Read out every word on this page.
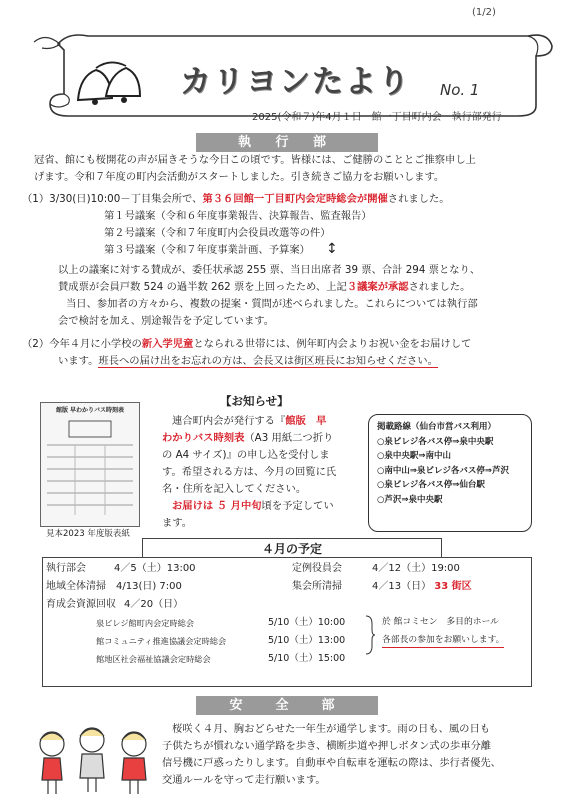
(1/2)
カリヨンたより No. 1
2025(令和７)年4月１日　館一丁目町内会　執行部発行
執 行 部
冠省、館にも桜開花の声が届きそうな今日この頃です。皆様には、ご健勝のこととご推察申し上
げます。令和７年度の町内会活動がスタートしました。引き続きご協力をお願いします。
（1）3/30(日)10:00－丁目集会所で、第３６回館一丁目町内会定時総会が開催されました。
第１号議案（令和６年度事業報告、決算報告、監査報告）
第２号議案（令和７年度町内会役員改選等の件）
第３号議案（令和７年度事業計画、予算案） ↕
以上の議案に対する賛成が、委任状承認 255 票、当日出席者 39 票、合計 294 票となり、
賛成票が会員戸数 524 の過半数 262 票を上回ったため、上記３議案が承認されました。
当日、参加者の方々から、複数の提案・質問が述べられました。これらについては執行部
会で検討を加え、別途報告を予定しています。
（2）今年４月に小学校の新入学児童となられる世帯には、例年町内会よりお祝い金をお届けして
います。班長への届け出をお忘れの方は、会長又は街区班長にお知らせください。
館版 早わかりバス時刻表
見本2023 年度版表紙
【お知らせ】
連合町内会が発行する『館版　早
わかりバス時刻表（A3 用紙二つ折り
の A4 サイズ)』の申し込を受付しま
す。希望される方は、今月の回覧に氏
名・住所を記入してください。
お届けは ５ 月中旬頃を予定してい
ます。
掲載路線（仙台市営バス利用）
○泉ビレジ各バス停⇒泉中央駅
○泉中央駅⇒南中山
○南中山⇒泉ビレジ各バス停⇒芦沢
○泉ビレジ各バス停⇒仙台駅
○芦沢⇒泉中央駅
４月の予定
執行部会	4／5（土）13:00	定例役員会	4／12（土）19:00
地域全体清掃 4/13(日) 7:00	集会所清掃	4／13（日） 33 街区
育成会資源回収 4／20（日）
泉ビレジ館町内会定時総会	5/10（土）10:00
館コミュニティ推進協議会定時総会	5/10（土）13:00
館地区社会福祉協議会定時総会	5/10（土）15:00
於 館コミセン　多目的ホール
各部長の参加をお願いします。
安　全　部
桜咲く４月、胸おどらせた一年生が通学します。雨の日も、風の日も
子供たちが慣れない通学路を歩き、横断歩道や押しボタン式の歩車分離
信号機に戸惑ったりします。自動車や自転車を運転の際は、歩行者優先、
交通ルールを守って走行願います。
